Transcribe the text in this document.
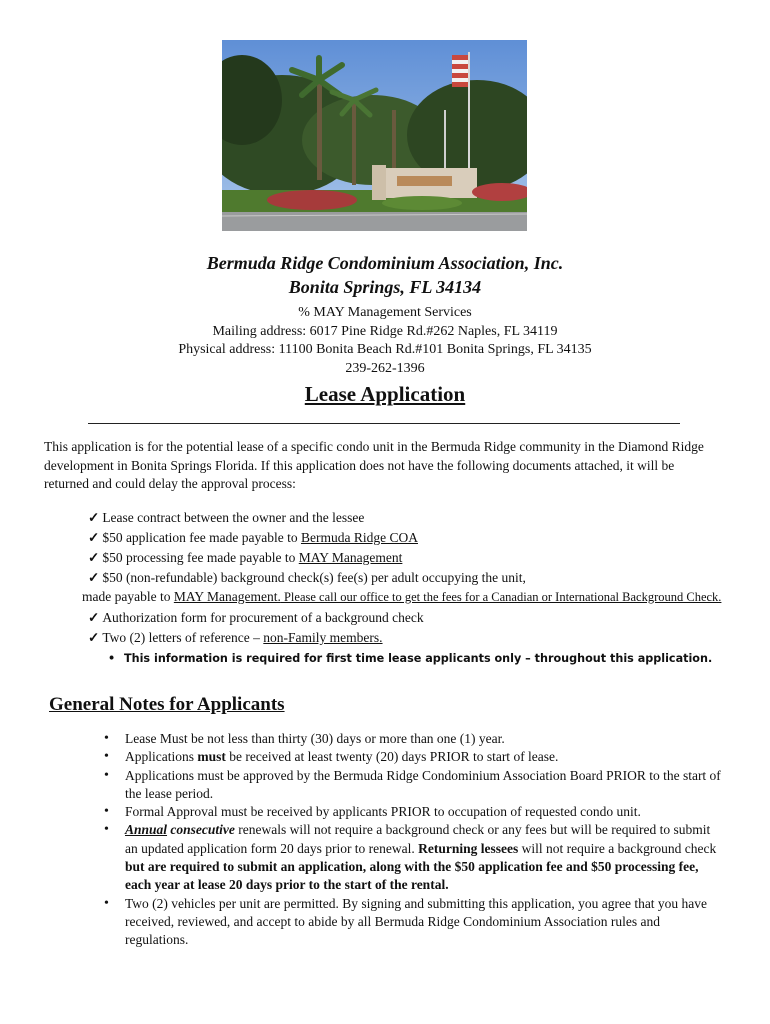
Bermuda Ridge Condominium Association, Inc.
Bonita Springs, FL 34134
% MAY Management Services
Mailing address: 6017 Pine Ridge Rd.#262 Naples, FL 34119
Physical address: 11100 Bonita Beach Rd.#101 Bonita Springs, FL 34135
239-262-1396
Lease Application
This application is for the potential lease of a specific condo unit in the Bermuda Ridge community in the Diamond Ridge development in Bonita Springs Florida. If this application does not have the following documents attached, it will be returned and could delay the approval process:
✓ Lease contract between the owner and the lessee
✓ $50 application fee made payable to Bermuda Ridge COA
✓ $50 processing fee made payable to MAY Management
✓ $50 (non-refundable) background check(s) fee(s) per adult occupying the unit,
made payable to MAY Management. Please call our office to get the fees for a Canadian or International Background Check.
✓ Authorization form for procurement of a background check
✓ Two (2) letters of reference – non-Family members.
• This information is required for first time lease applicants only – throughout this application.
General Notes for Applicants
• Lease Must be not less than thirty (30) days or more than one (1) year.
• Applications must be received at least twenty (20) days PRIOR to start of lease.
• Applications must be approved by the Bermuda Ridge Condominium Association Board PRIOR to the start of the lease period.
• Formal Approval must be received by applicants PRIOR to occupation of requested condo unit.
• Annual consecutive renewals will not require a background check or any fees but will be required to submit an updated application form 20 days prior to renewal. Returning lessees will not require a background check but are required to submit an application, along with the $50 application fee and $50 processing fee, each year at lease 20 days prior to the start of the rental.
• Two (2) vehicles per unit are permitted. By signing and submitting this application, you agree that you have received, reviewed, and accept to abide by all Bermuda Ridge Condominium Association rules and regulations.
